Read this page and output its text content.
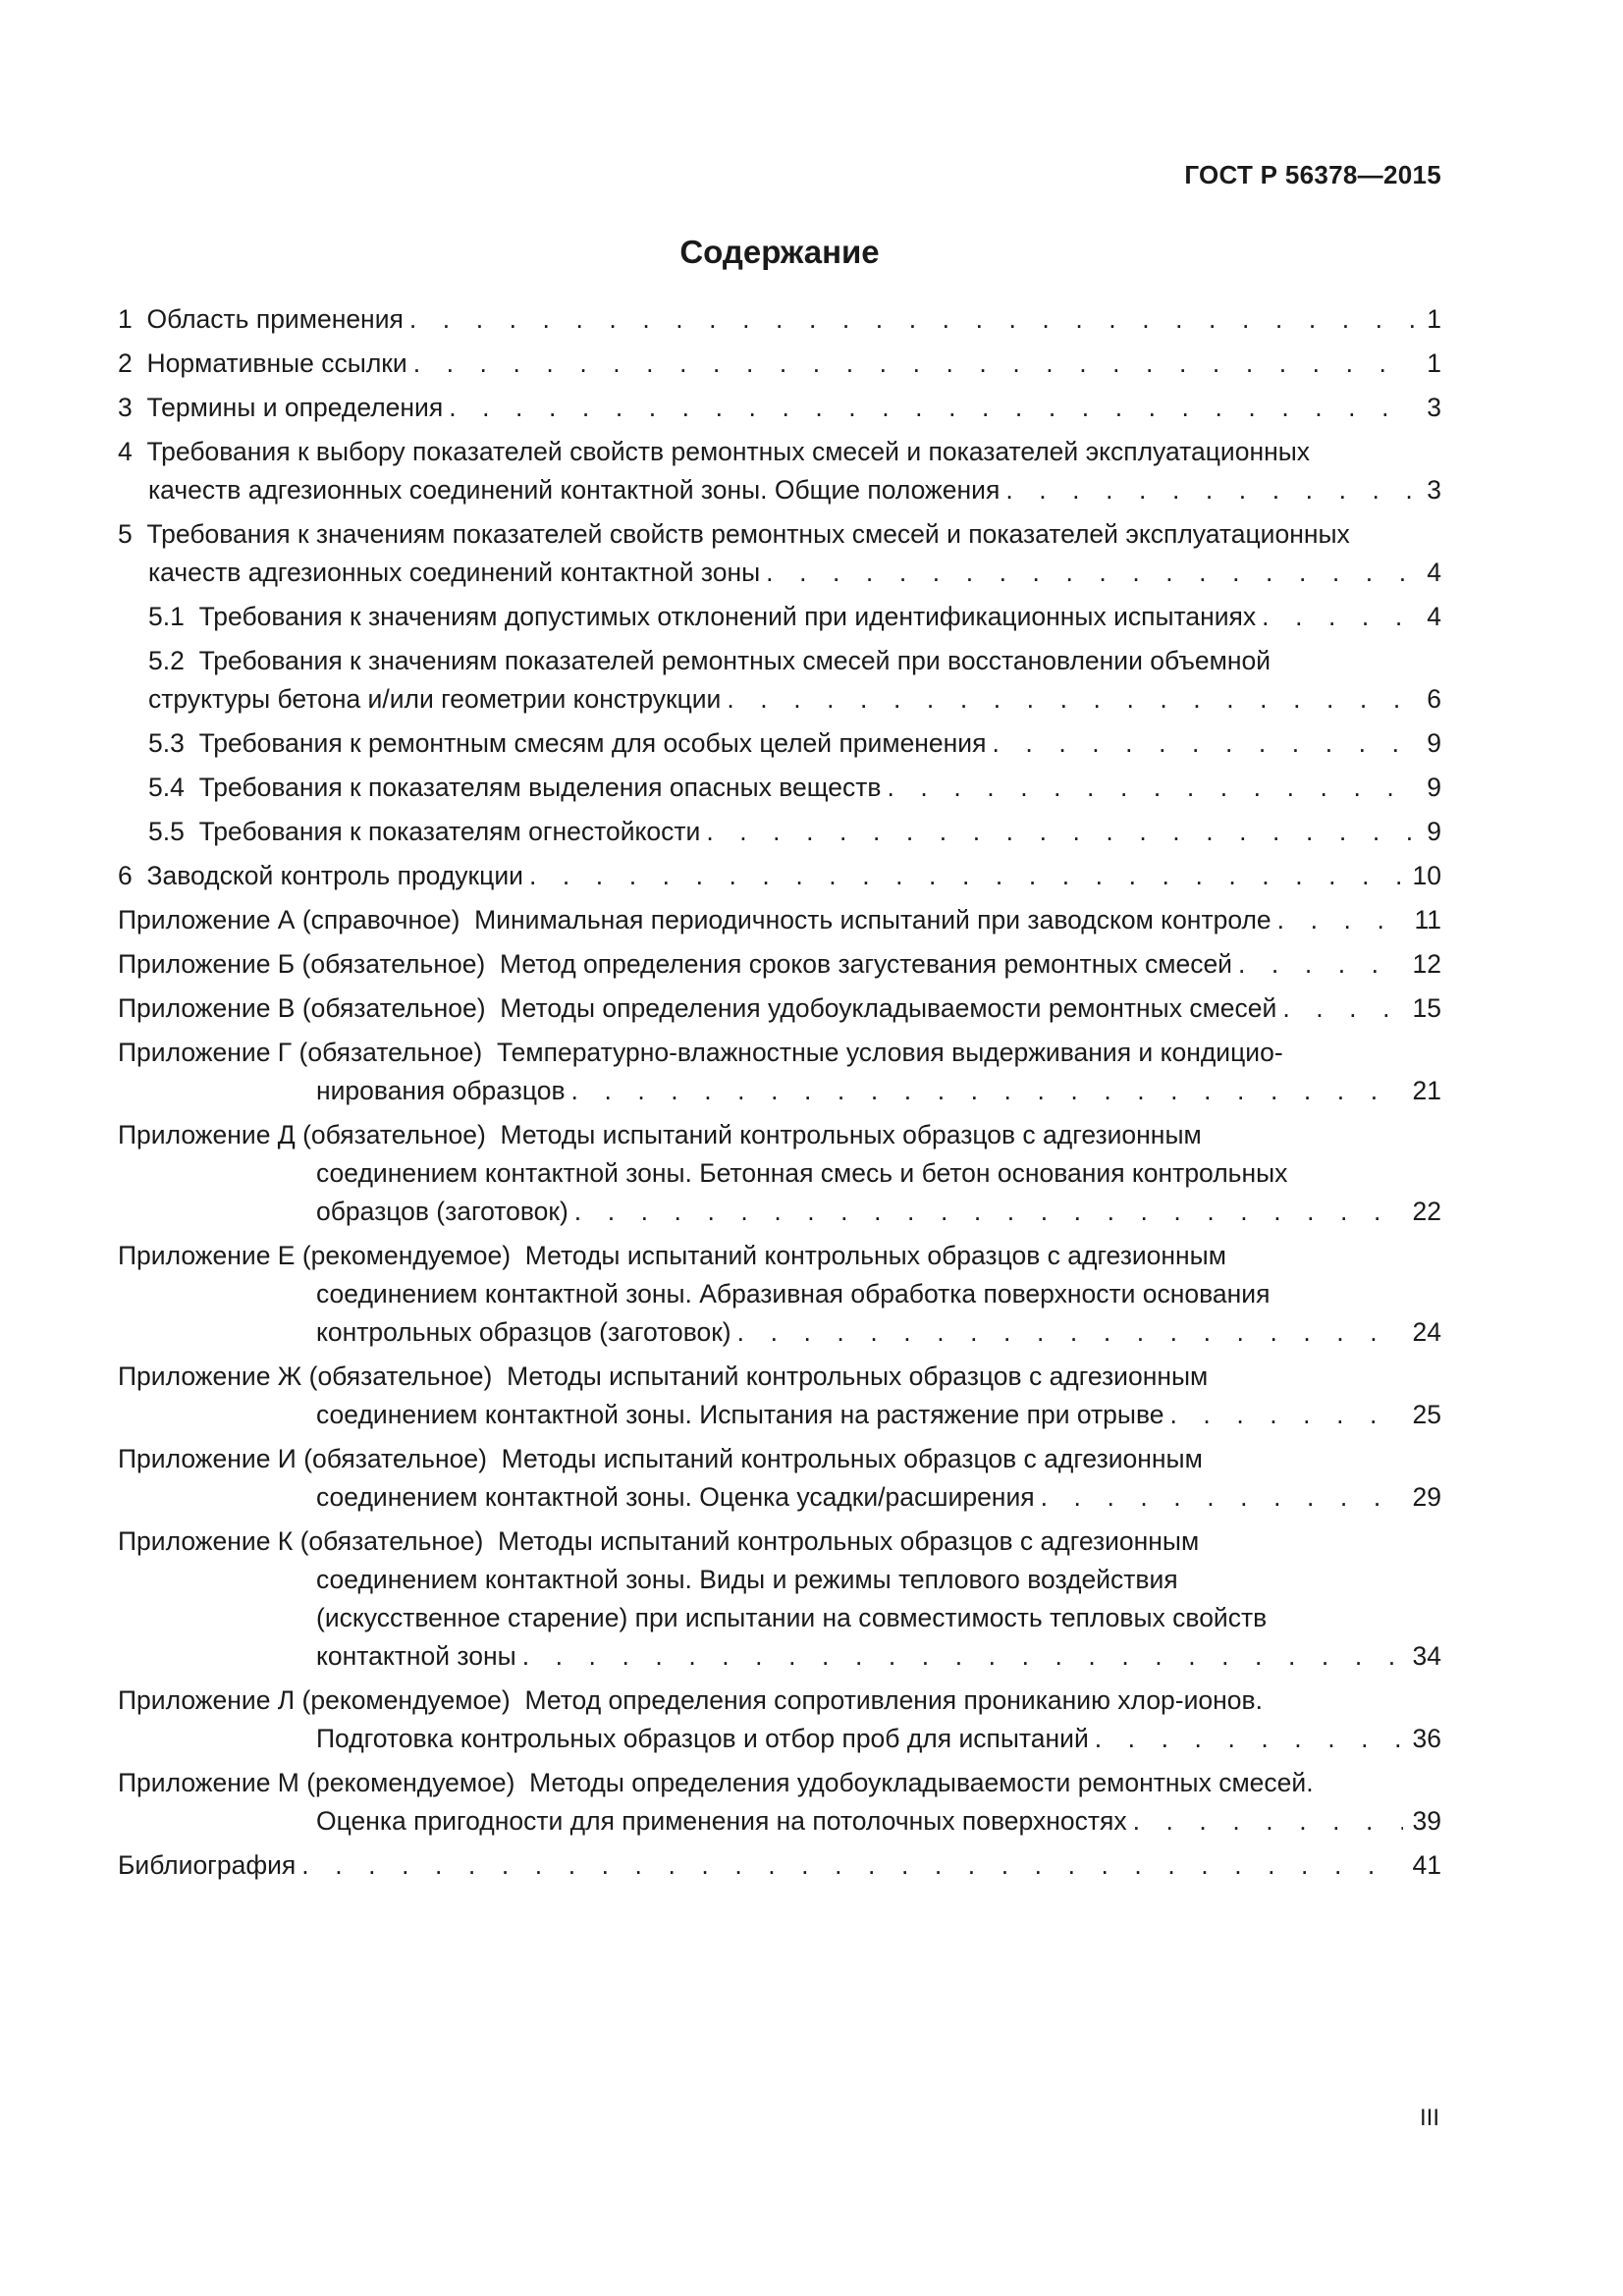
ГОСТ Р 56378—2015
Содержание
1 Область применения . . .	1
2 Нормативные ссылки . . .	1
3 Термины и определения . . .	3
4 Требования к выбору показателей свойств ремонтных смесей и показателей эксплуатационных
качеств адгезионных соединений контактной зоны. Общие положения . . .	3
5 Требования к значениям показателей свойств ремонтных смесей и показателей эксплуатационных
качеств адгезионных соединений контактной зоны . . .	4
5.1 Требования к значениям допустимых отклонений при идентификационных испытаниях . . .	4
5.2 Требования к значениям показателей ремонтных смесей при восстановлении объемной
структуры бетона и/или геометрии конструкции . . .	6
5.3 Требования к ремонтным смесям для особых целей применения . . .	9
5.4 Требования к показателям выделения опасных веществ . . .	9
5.5 Требования к показателям огнестойкости . . .	9
6 Заводской контроль продукции . . .	10
Приложение А (справочное)  Минимальная периодичность испытаний при заводском контроле . . .	11
Приложение Б (обязательное)  Метод определения сроков загустевания ремонтных смесей . . .	12
Приложение В (обязательное)  Методы определения удобоукладываемости ремонтных смесей . . .	15
Приложение Г (обязательное)  Температурно-влажностные условия выдерживания и кондицио-
нирования образцов . . .	21
Приложение Д (обязательное)  Методы испытаний контрольных образцов с адгезионным
соединением контактной зоны. Бетонная смесь и бетон основания контрольных
образцов (заготовок) . . .	22
Приложение Е (рекомендуемое)  Методы испытаний контрольных образцов с адгезионным
соединением контактной зоны. Абразивная обработка поверхности основания
контрольных образцов (заготовок) . . .	24
Приложение Ж (обязательное)  Методы испытаний контрольных образцов с адгезионным
соединением контактной зоны. Испытания на растяжение при отрыве . . .	25
Приложение И (обязательное)  Методы испытаний контрольных образцов с адгезионным
соединением контактной зоны. Оценка усадки/расширения . . .	29
Приложение К (обязательное)  Методы испытаний контрольных образцов с адгезионным
соединением контактной зоны. Виды и режимы теплового воздействия
(искусственное старение) при испытании на совместимость тепловых свойств
контактной зоны . . .	34
Приложение Л (рекомендуемое)  Метод определения сопротивления прониканию хлор-ионов.
Подготовка контрольных образцов и отбор проб для испытаний . . .	36
Приложение М (рекомендуемое)  Методы определения удобоукладываемости ремонтных смесей.
Оценка пригодности для применения на потолочных поверхностях . . .	39
Библиография . . .	41
III
